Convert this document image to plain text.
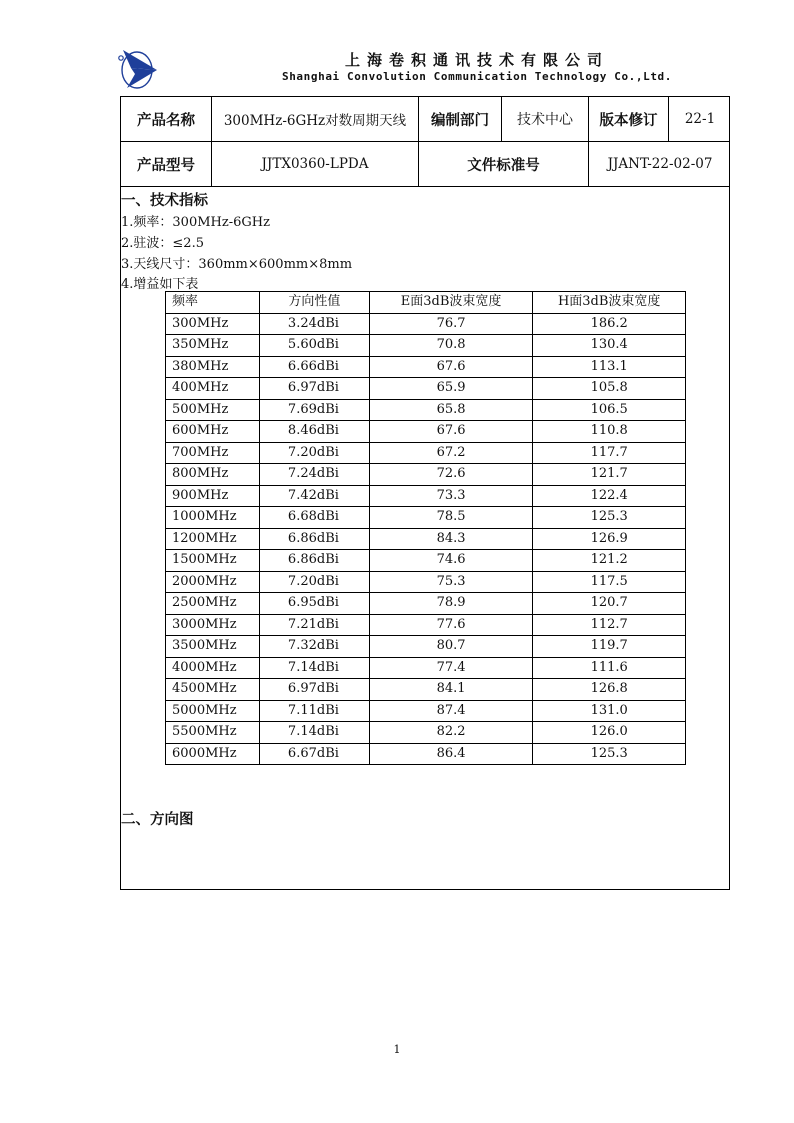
上海卷积通讯技术有限公司
Shanghai Convolution Communication Technology Co.,Ltd.
产品名称	300MHz-6GHz对数周期天线	编制部门	技术中心	版本修订	22-1
产品型号	JJTX0360-LPDA	文件标准号	JJANT-22-02-07
一、技术指标
1.频率：300MHz-6GHz
2.驻波：≤2.5
3.天线尺寸：360mm×600mm×8mm
4.增益如下表
频率	方向性值	E面3dB波束宽度	H面3dB波束宽度
300MHz	3.24dBi	76.7	186.2
350MHz	5.60dBi	70.8	130.4
380MHz	6.66dBi	67.6	113.1
400MHz	6.97dBi	65.9	105.8
500MHz	7.69dBi	65.8	106.5
600MHz	8.46dBi	67.6	110.8
700MHz	7.20dBi	67.2	117.7
800MHz	7.24dBi	72.6	121.7
900MHz	7.42dBi	73.3	122.4
1000MHz	6.68dBi	78.5	125.3
1200MHz	6.86dBi	84.3	126.9
1500MHz	6.86dBi	74.6	121.2
2000MHz	7.20dBi	75.3	117.5
2500MHz	6.95dBi	78.9	120.7
3000MHz	7.21dBi	77.6	112.7
3500MHz	7.32dBi	80.7	119.7
4000MHz	7.14dBi	77.4	111.6
4500MHz	6.97dBi	84.1	126.8
5000MHz	7.11dBi	87.4	131.0
5500MHz	7.14dBi	82.2	126.0
6000MHz	6.67dBi	86.4	125.3
二、方向图
1
